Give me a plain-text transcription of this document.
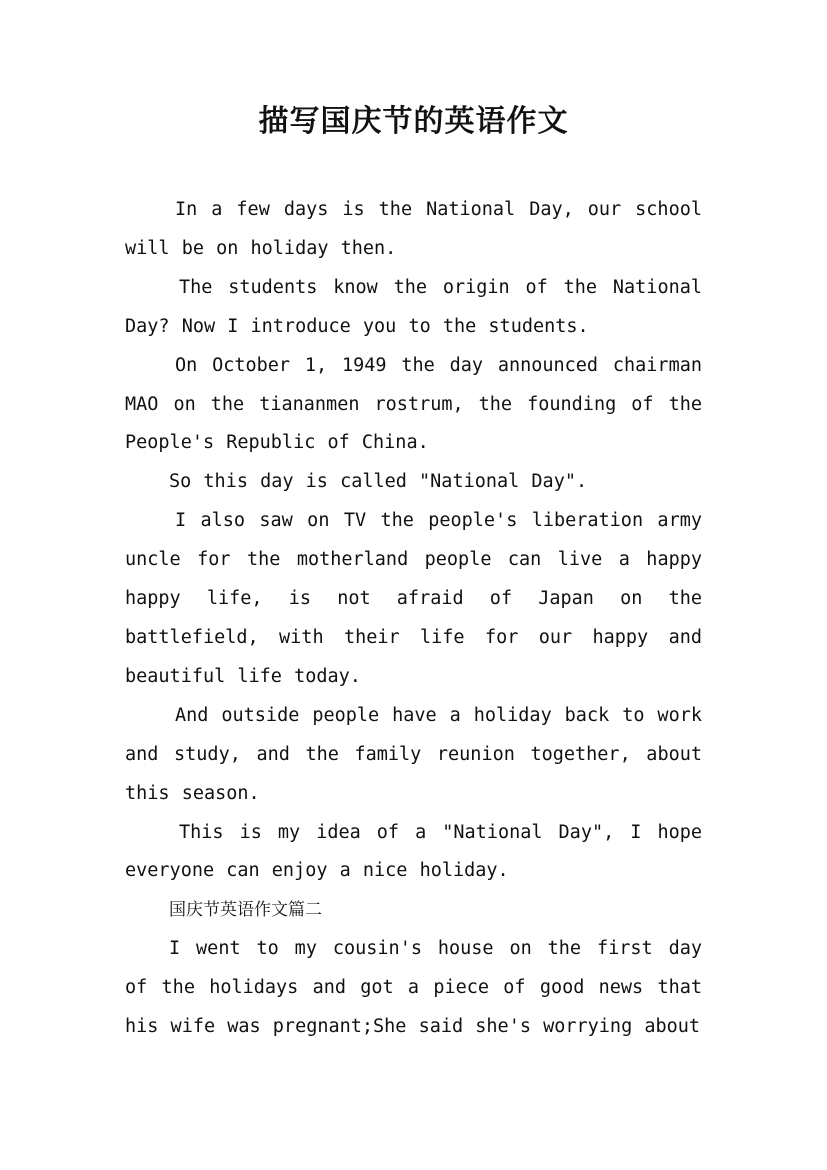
描写国庆节的英语作文

In a few days is the National Day, our school will be on holiday then.

The students know the origin of the National Day? Now I introduce you to the students.

On October 1, 1949 the day announced chairman MAO on the tiananmen rostrum, the founding of the People's Republic of China.

So this day is called "National Day".

I also saw on TV the people's liberation army uncle for the motherland people can live a happy happy life, is not afraid of Japan on the battlefield, with their life for our happy and beautiful life today.

And outside people have a holiday back to work and study, and the family reunion together, about this season.

This is my idea of a "National Day", I hope everyone can enjoy a nice holiday.

国庆节英语作文篇二

I went to my cousin's house on the first day of the holidays and got a piece of good news that his wife was pregnant;She said she's worrying about
